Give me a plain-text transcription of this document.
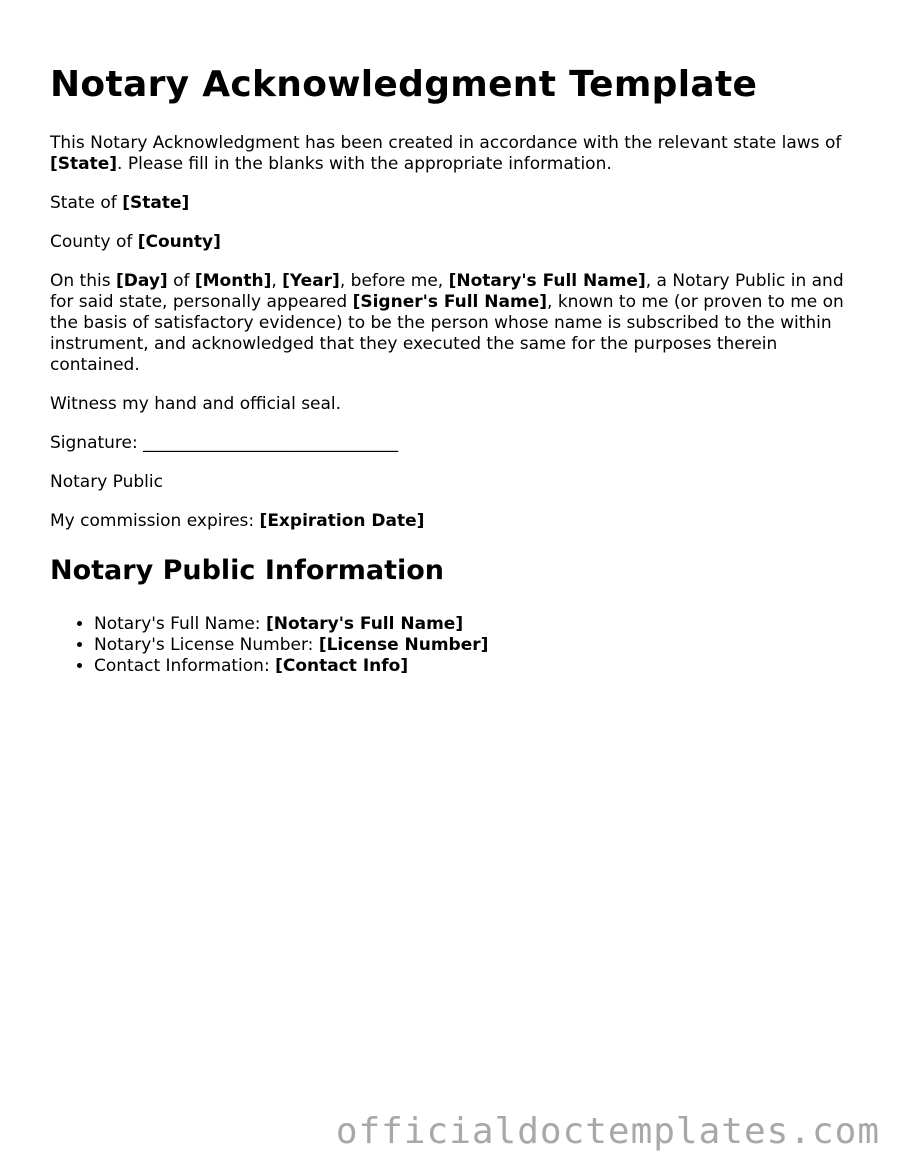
Notary Acknowledgment Template

This Notary Acknowledgment has been created in accordance with the relevant state laws of [State]. Please fill in the blanks with the appropriate information.

State of [State]

County of [County]

On this [Day] of [Month], [Year], before me, [Notary's Full Name], a Notary Public in and for said state, personally appeared [Signer's Full Name], known to me (or proven to me on the basis of satisfactory evidence) to be the person whose name is subscribed to the within instrument, and acknowledged that they executed the same for the purposes therein contained.

Witness my hand and official seal.

Signature: ______________________________

Notary Public

My commission expires: [Expiration Date]

Notary Public Information
• Notary's Full Name: [Notary's Full Name]
• Notary's License Number: [License Number]
• Contact Information: [Contact Info]
officialdoctemplates.com
